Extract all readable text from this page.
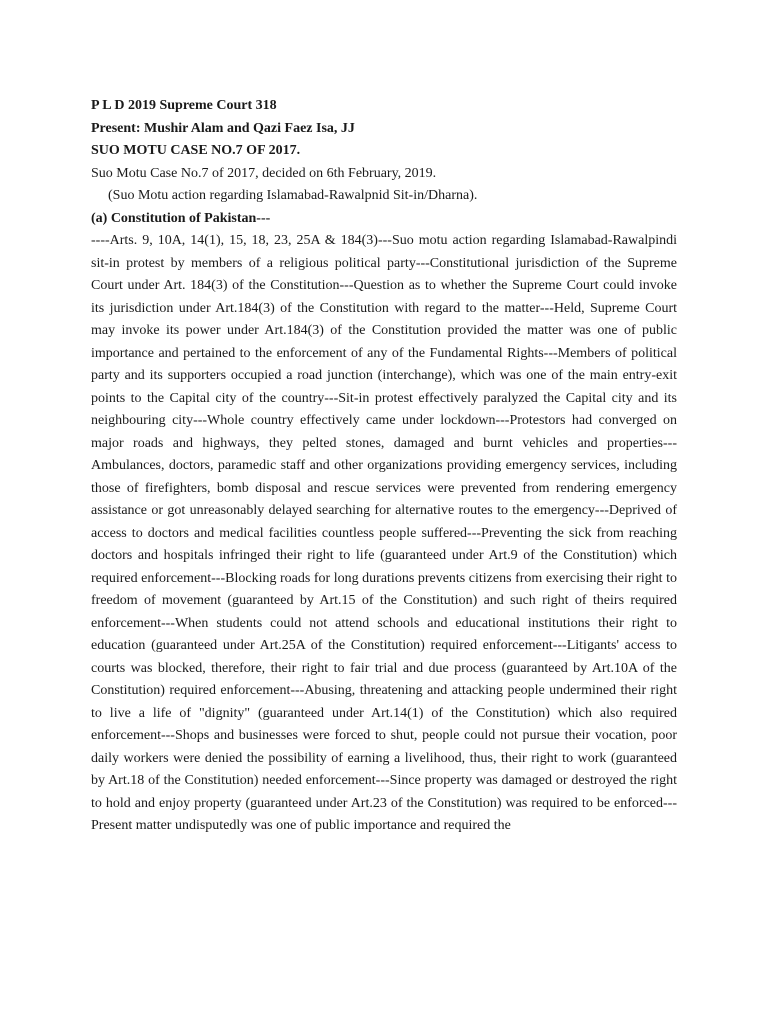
P L D 2019 Supreme Court 318

Present: Mushir Alam and Qazi Faez Isa, JJ

SUO MOTU CASE NO.7 OF 2017.

Suo Motu Case No.7 of 2017, decided on 6th February, 2019.

(Suo Motu action regarding Islamabad-Rawalpnid Sit-in/Dharna).

(a) Constitution of Pakistan---

----Arts. 9, 10A, 14(1), 15, 18, 23, 25A & 184(3)---Suo motu action regarding Islamabad-Rawalpindi sit-in protest by members of a religious political party---Constitutional jurisdiction of the Supreme Court under Art. 184(3) of the Constitution---Question as to whether the Supreme Court could invoke its jurisdiction under Art.184(3) of the Constitution with regard to the matter---Held, Supreme Court may invoke its power under Art.184(3) of the Constitution provided the matter was one of public importance and pertained to the enforcement of any of the Fundamental Rights---Members of political party and its supporters occupied a road junction (interchange), which was one of the main entry-exit points to the Capital city of the country---Sit-in protest effectively paralyzed the Capital city and its neighbouring city---Whole country effectively came under lockdown---Protestors had converged on major roads and highways, they pelted stones, damaged and burnt vehicles and properties---Ambulances, doctors, paramedic staff and other organizations providing emergency services, including those of firefighters, bomb disposal and rescue services were prevented from rendering emergency assistance or got unreasonably delayed searching for alternative routes to the emergency---Deprived of access to doctors and medical facilities countless people suffered---Preventing the sick from reaching doctors and hospitals infringed their right to life (guaranteed under Art.9 of the Constitution) which required enforcement---Blocking roads for long durations prevents citizens from exercising their right to freedom of movement (guaranteed by Art.15 of the Constitution) and such right of theirs required enforcement---When students could not attend schools and educational institutions their right to education (guaranteed under Art.25A of the Constitution) required enforcement---Litigants' access to courts was blocked, therefore, their right to fair trial and due process (guaranteed by Art.10A of the Constitution) required enforcement---Abusing, threatening and attacking people undermined their right to live a life of "dignity" (guaranteed under Art.14(1) of the Constitution) which also required enforcement---Shops and businesses were forced to shut, people could not pursue their vocation, poor daily workers were denied the possibility of earning a livelihood, thus, their right to work (guaranteed by Art.18 of the Constitution) needed enforcement---Since property was damaged or destroyed the right to hold and enjoy property (guaranteed under Art.23 of the Constitution) was required to be enforced---Present matter undisputedly was one of public importance and required the
